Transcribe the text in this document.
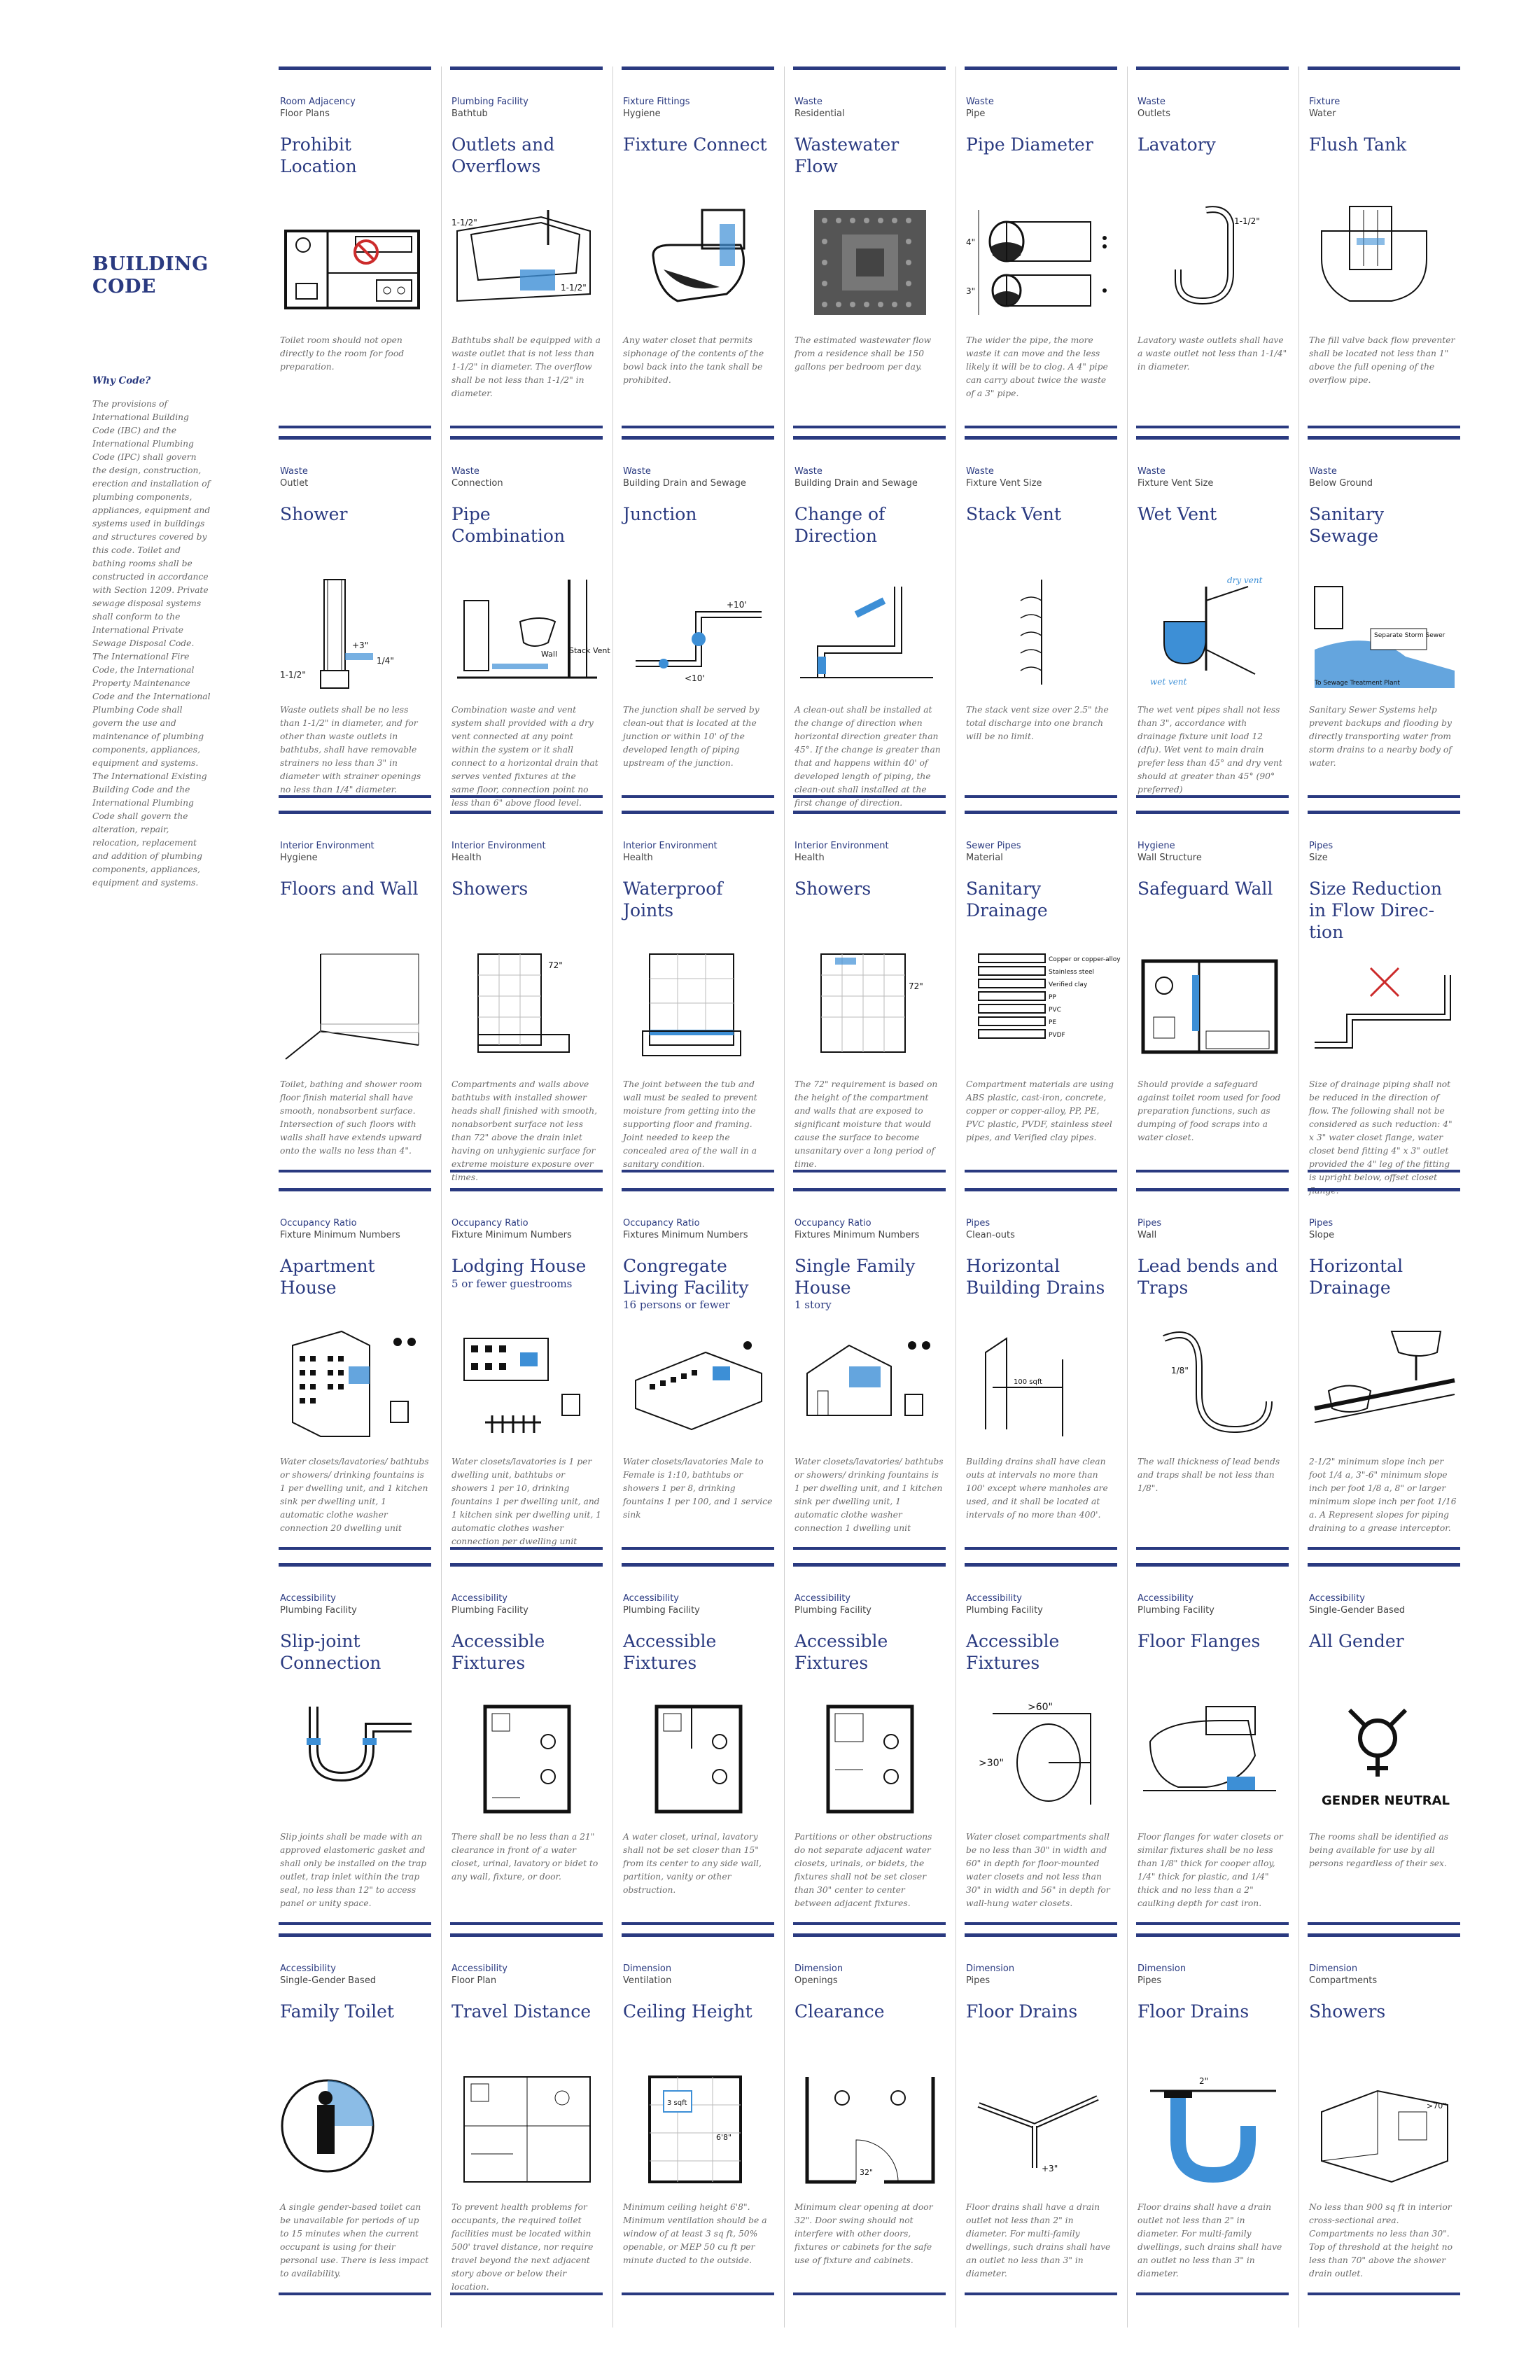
BUILDING
CODE
Why Code?
The provisions of International Building Code (IBC) and the International Plumbing Code (IPC) shall govern the design, construction, erection and installation of plumbing components, appliances, equipment and systems used in buildings and structures covered by this code. Toilet and bathing rooms shall be constructed in accordance with Section 1209. Private sewage disposal systems shall conform to the International Private Sewage Disposal Code. The International Fire Code, the International Property Maintenance Code and the International Plumbing Code shall govern the use and maintenance of plumbing components, appliances, equipment and systems. The International Existing Building Code and the International Plumbing Code shall govern the alteration, repair, relocation, replacement and addition of plumbing components, appliances, equipment and systems.
Room Adjacency
Floor Plans
Prohibit Location
Toilet room should not open directly to the room for food preparation.
Plumbing Facility
Bathtub
Outlets and Overflows
1-1/2"
1-1/2"
Bathtubs shall be equipped with a waste outlet that is not less than 1-1/2" in diameter. The overflow shall be not less than 1-1/2" in diameter.
Fixture Fittings
Hygiene
Fixture Connect
Any water closet that permits siphonage of the contents of the bowl back into the tank shall be prohibited.
Waste
Residential
Wastewater Flow
The estimated wastewater flow from a residence shall be 150 gallons per bedroom per day.
Waste
Pipe
Pipe Diameter
4"
3"
The wider the pipe, the more waste it can move and the less likely it will be to clog. A 4" pipe can carry about twice the waste of a 3" pipe.
Waste
Outlets
Lavatory
1-1/2"
Lavatory waste outlets shall have a waste outlet not less than 1-1/4" in diameter.
Fixture
Water
Flush Tank
The fill valve back flow preventer shall be located not less than 1" above the full opening of the overflow pipe.
Waste
Outlet
Shower
+3"
1/4"
1-1/2"
Waste outlets shall be no less than 1-1/2" in diameter, and for other than waste outlets in bathtubs, shall have removable strainers no less than 3" in diameter with strainer openings no less than 1/4" diameter.
Waste
Connection
Pipe Combination
Stack Vent
Wall
Combination waste and vent system shall provided with a dry vent connected at any point within the system or it shall connect to a horizontal drain that serves vented fixtures at the same floor, connection point no less than 6" above flood level.
Waste
Building Drain and Sewage
Junction
+10'
<10'
The junction shall be served by clean-out that is located at the junction or within 10' of the developed length of piping upstream of the junction.
Waste
Building Drain and Sewage
Change of Direction
A clean-out shall be installed at the change of direction when horizontal direction greater than 45°. If the change is greater than that and happens within 40' of developed length of piping, the clean-out shall installed at the first change of direction.
Waste
Fixture Vent Size
Stack Vent
The stack vent size over 2.5" the total discharge into one branch will be no limit.
Waste
Fixture Vent Size
Wet Vent
dry vent
wet vent
The wet vent pipes shall not less than 3", accordance with drainage fixture unit load 12 (dfu). Wet vent to main drain prefer less than 45° and dry vent should at greater than 45° (90° preferred)
Waste
Below Ground
Sanitary Sewage
Separate Storm Sewer
To Sewage Treatment Plant
Sanitary Sewer Systems help prevent backups and flooding by directly transporting water from storm drains to a nearby body of water.
Interior Environment
Hygiene
Floors and Wall
Toilet, bathing and shower room floor finish material shall have smooth, nonabsorbent surface. Intersection of such floors with walls shall have extends upward onto the walls no less than 4".
Interior Environment
Health
Showers
72"
Compartments and walls above bathtubs with installed shower heads shall finished with smooth, nonabsorbent surface not less than 72" above the drain inlet having on unhygienic surface for extreme moisture exposure over times.
Interior Environment
Health
Waterproof Joints
The joint between the tub and wall must be sealed to prevent moisture from getting into the supporting floor and framing. Joint needed to keep the concealed area of the wall in a sanitary condition.
Interior Environment
Health
Showers
72"
The 72" requirement is based on the height of the compartment and walls that are exposed to significant moisture that would cause the surface to become unsanitary over a long period of time.
Sewer Pipes
Material
Sanitary Drainage
Copper or copper-alloy
Stainless steel
Verified clay
PP
PVC
PE
PVDF
Compartment materials are using ABS plastic, cast-iron, concrete, copper or copper-alloy, PP, PE, PVC plastic, PVDF, stainless steel pipes, and Verified clay pipes.
Hygiene
Wall Structure
Safeguard Wall
Should provide a safeguard against toilet room used for food preparation functions, such as dumping of food scraps into a water closet.
Pipes
Size
Size Reduction in Flow Direc-tion
Size of drainage piping shall not be reduced in the direction of flow. The following shall not be considered as such reduction: 4" x 3" water closet flange, water closet bend fitting 4" x 3" outlet provided the 4" leg of the fitting is upright below, offset closet
Occupancy Ratio
Fixture Minimum Numbers
Apartment House
Water closets/lavatories/ bathtubs or showers/ drinking fountains is 1 per dwelling unit, and 1 kitchen sink per dwelling unit, 1 automatic clothe washer connection 20 dwelling unit
Occupancy Ratio
Fixture Minimum Numbers
Lodging House
5 or fewer guestrooms
Water closets/lavatories is 1 per dwelling unit, bathtubs or showers 1 per 10, drinking fountains 1 per dwelling unit, and 1 kitchen sink per dwelling unit, 1 automatic clothes washer connection per dwelling unit
Occupancy Ratio
Fixtures Minimum Numbers
Congregate Living Facility
16 persons or fewer
Water closets/lavatories Male to Female is 1:10, bathtubs or showers 1 per 8, drinking fountains 1 per 100, and 1 service sink
Occupancy Ratio
Fixtures Minimum Numbers
Single Family House
1 story
Water closets/lavatories/ bathtubs or showers/ drinking fountains is 1 per dwelling unit, and 1 kitchen sink per dwelling unit, 1 automatic clothe washer connection 1 dwelling unit
Pipes
Clean-outs
Horizontal Building Drains
100 sqft
Building drains shall have clean outs at intervals no more than 100' except where manholes are used, and it shall be located at intervals of no more than 400'.
Pipes
Wall
Lead bends and Traps
1/8"
The wall thickness of lead bends and traps shall be not less than 1/8".
Pipes
Slope
Horizontal Drainage
2-1/2" minimum slope inch per foot 1/4 a, 3"-6" minimum slope inch per foot 1/8 a, 8" or larger minimum slope inch per foot 1/16 a. A Represent slopes for piping draining to a grease interceptor.
Accessibility
Plumbing Facility
Slip-joint Connection
Slip joints shall be made with an approved elastomeric gasket and shall only be installed on the trap outlet, trap inlet within the trap seal, no less than 12" to access panel or unity space.
Accessibility
Plumbing Facility
Accessible Fixtures
There shall be no less than a 21" clearance in front of a water closet, urinal, lavatory or bidet to any wall, fixture, or door.
Accessibility
Plumbing Facility
Accessible Fixtures
A water closet, urinal, lavatory shall not be set closer than 15" from its center to any side wall, partition, vanity or other obstruction.
Accessibility
Plumbing Facility
Accessible Fixtures
Partitions or other obstructions do not separate adjacent water closets, urinals, or bidets, the fixtures shall not be set closer than 30" center to center between adjacent fixtures.
Accessibility
Plumbing Facility
Accessible Fixtures
>60"
>30"
Water closet compartments shall be no less than 30" in width and 60" in depth for floor-mounted water closets and not less than 30" in width and 56" in depth for wall-hung water closets.
Accessibility
Plumbing Facility
Floor Flanges
Floor flanges for water closets or similar fixtures shall be no less than 1/8" thick for cooper alloy, 1/4" thick for plastic, and 1/4" thick and no less than a 2" caulking depth for cast iron.
Accessibility
Single-Gender Based
All Gender
GENDER NEUTRAL
The rooms shall be identified as being available for use by all persons regardless of their sex.
Accessibility
Single-Gender Based
Family Toilet
A single gender-based toilet can be unavailable for periods of up to 15 minutes when the current occupant is using for their personal use. There is less impact to availability.
Accessibility
Floor Plan
Travel Distance
To prevent health problems for occupants, the required toilet facilities must be located within 500' travel distance, nor require travel beyond the next adjacent story above or below their location.
Dimension
Ventilation
Ceiling Height
3 sqft
6'8"
Minimum ceiling height 6'8". Minimum ventilation should be a window of at least 3 sq ft, 50% openable, or MEP 50 cu ft per minute ducted to the outside.
Dimension
Openings
Clearance
32"
Minimum clear opening at door 32". Door swing should not interfere with other doors, fixtures or cabinets for the safe use of fixture and cabinets.
Dimension
Pipes
Floor Drains
+3"
Floor drains shall have a drain outlet not less than 2" in diameter. For multi-family dwellings, such drains shall have an outlet no less than 3" in diameter.
Dimension
Pipes
Floor Drains
2"
Floor drains shall have a drain outlet not less than 2" in diameter. For multi-family dwellings, such drains shall have an outlet no less than 3" in diameter.
Dimension
Compartments
Showers
>70"
No less than 900 sq ft in interior cross-sectional area. Compartments no less than 30". Top of threshold at the height no less than 70" above the shower drain outlet.
